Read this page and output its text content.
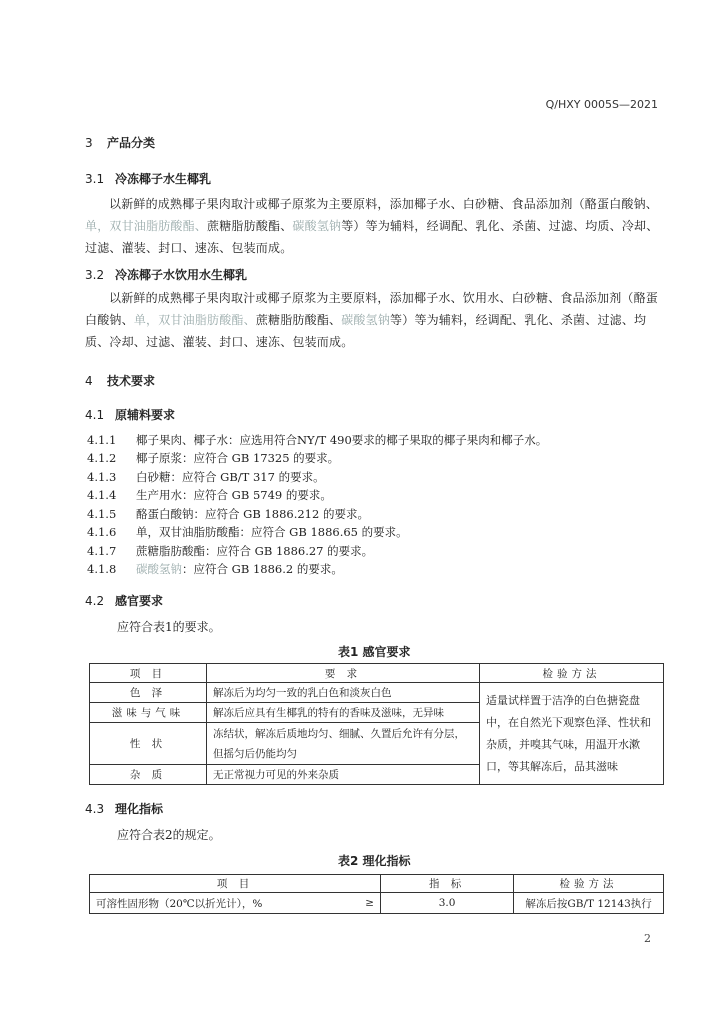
Q/HXY 0005S—2021
3 产品分类
3.1 冷冻椰子水生椰乳
以新鲜的成熟椰子果肉取汁或椰子原浆为主要原料，添加椰子水、白砂糖、食品添加剂（酪蛋白酸钠、单，双甘油脂肪酸酯、蔗糖脂肪酸酯、碳酸氢钠等）等为辅料，经调配、乳化、杀菌、过滤、均质、冷却、过滤、灌装、封口、速冻、包装而成。
3.2 冷冻椰子水饮用水生椰乳
以新鲜的成熟椰子果肉取汁或椰子原浆为主要原料，添加椰子水、饮用水、白砂糖、食品添加剂（酪蛋白酸钠、单，双甘油脂肪酸酯、蔗糖脂肪酸酯、碳酸氢钠等）等为辅料，经调配、乳化、杀菌、过滤、均质、冷却、过滤、灌装、封口、速冻、包装而成。
4 技术要求
4.1 原辅料要求
4.1.1 椰子果肉、椰子水：应选用符合NY/T 490要求的椰子果取的椰子果肉和椰子水。
4.1.2 椰子原浆：应符合 GB 17325 的要求。
4.1.3 白砂糖：应符合 GB/T 317 的要求。
4.1.4 生产用水：应符合 GB 5749 的要求。
4.1.5 酪蛋白酸钠：应符合 GB 1886.212 的要求。
4.1.6 单，双甘油脂肪酸酯：应符合 GB 1886.65 的要求。
4.1.7 蔗糖脂肪酸酯：应符合 GB 1886.27 的要求。
4.1.8 碳酸氢钠：应符合 GB 1886.2 的要求。
4.2 感官要求
应符合表1的要求。
表1 感官要求
项 目	要 求	检验方法
色 泽	解冻后为均匀一致的乳白色和淡灰白色	适量试样置于洁净的白色搪瓷盘中，在自然光下观察色泽、性状和杂质，并嗅其气味，用温开水漱口，等其解冻后，品其滋味
滋味与气味	解冻后应具有生椰乳的特有的香味及滋味，无异味	
性 状	冻结状，解冻后质地均匀、细腻、久置后允许有分层，但摇匀后仍能均匀	
杂 质	无正常视力可见的外来杂质	
4.3 理化指标
应符合表2的规定。
表2 理化指标
项 目		指 标	检验方法
可溶性固形物（20℃以折光计），%	≥	3.0	解冻后按GB/T 12143执行
2
